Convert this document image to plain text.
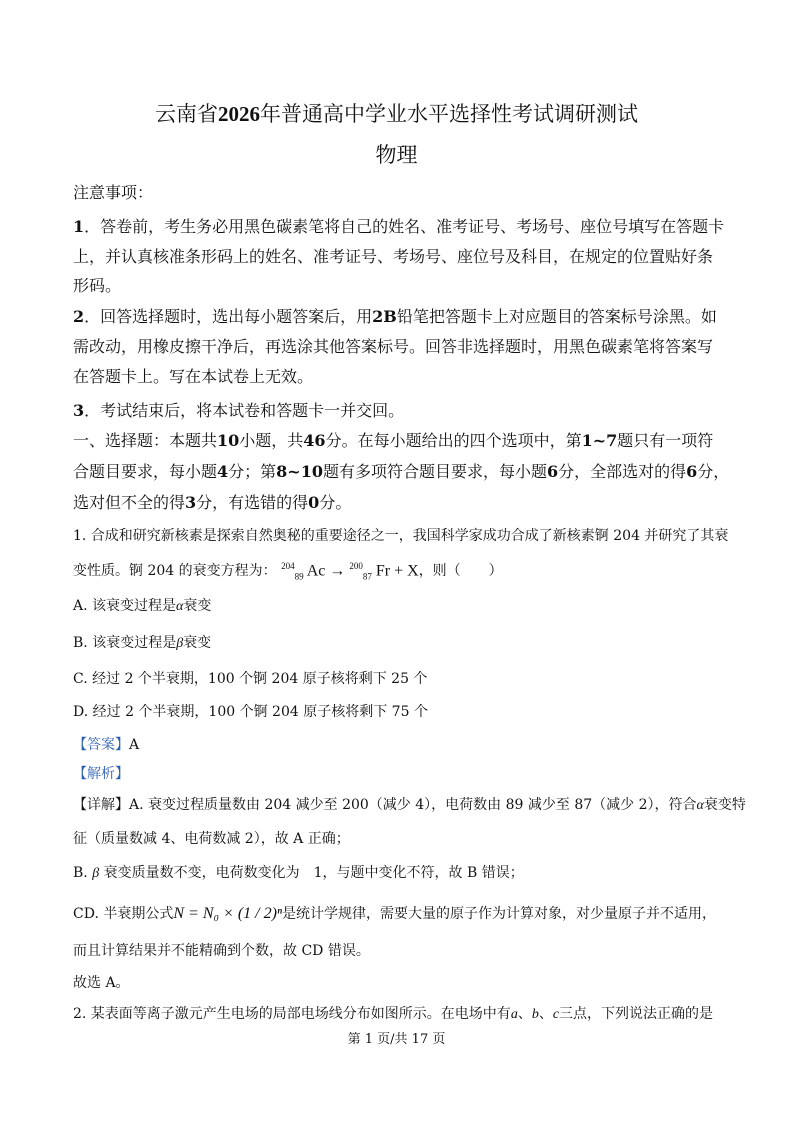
云南省2026年普通高中学业水平选择性考试调研测试
物理
注意事项：
1．答卷前，考生务必用黑色碳素笔将自己的姓名、准考证号、考场号、座位号填写在答题卡
上，并认真核准条形码上的姓名、准考证号、考场号、座位号及科目，在规定的位置贴好条
形码。
2．回答选择题时，选出每小题答案后，用2B铅笔把答题卡上对应题目的答案标号涂黑。如
需改动，用橡皮擦干净后，再选涂其他答案标号。回答非选择题时，用黑色碳素笔将答案写
在答题卡上。写在本试卷上无效。
3．考试结束后，将本试卷和答题卡一并交回。
一、选择题：本题共10小题，共46分。在每小题给出的四个选项中，第1~7题只有一项符
合题目要求，每小题4分；第8~10题有多项符合题目要求，每小题6分，全部选对的得6分，
选对但不全的得3分，有选错的得0分。
1. 合成和研究新核素是探索自然奥秘的重要途径之一，我国科学家成功合成了新核素锕 204 并研究了其衰
变性质。锕 204 的衰变方程为： $^{204}_{89}$ Ac → $^{200}_{87}$ Fr + X，则（　　）
A. 该衰变过程是α衰变
B. 该衰变过程是β衰变
C. 经过 2 个半衰期，100 个锕 204 原子核将剩下 25 个
D. 经过 2 个半衰期，100 个锕 204 原子核将剩下 75 个
【答案】A
【解析】
【详解】A. 衰变过程质量数由 204 减少至 200（减少 4），电荷数由 89 减少至 87（减少 2），符合α衰变特
征（质量数减 4、电荷数减 2），故 A 正确；
B. β 衰变质量数不变，电荷数变化为　1，与题中变化不符，故 B 错误；
CD. 半衰期公式N = N₀ × (1 / 2)ⁿ是统计学规律，需要大量的原子作为计算对象，对少量原子并不适用，
而且计算结果并不能精确到个数，故 CD 错误。
故选 A。
2. 某表面等离子激元产生电场的局部电场线分布如图所示。在电场中有a、b、c三点，下列说法正确的是
第 1 页/共 17 页
